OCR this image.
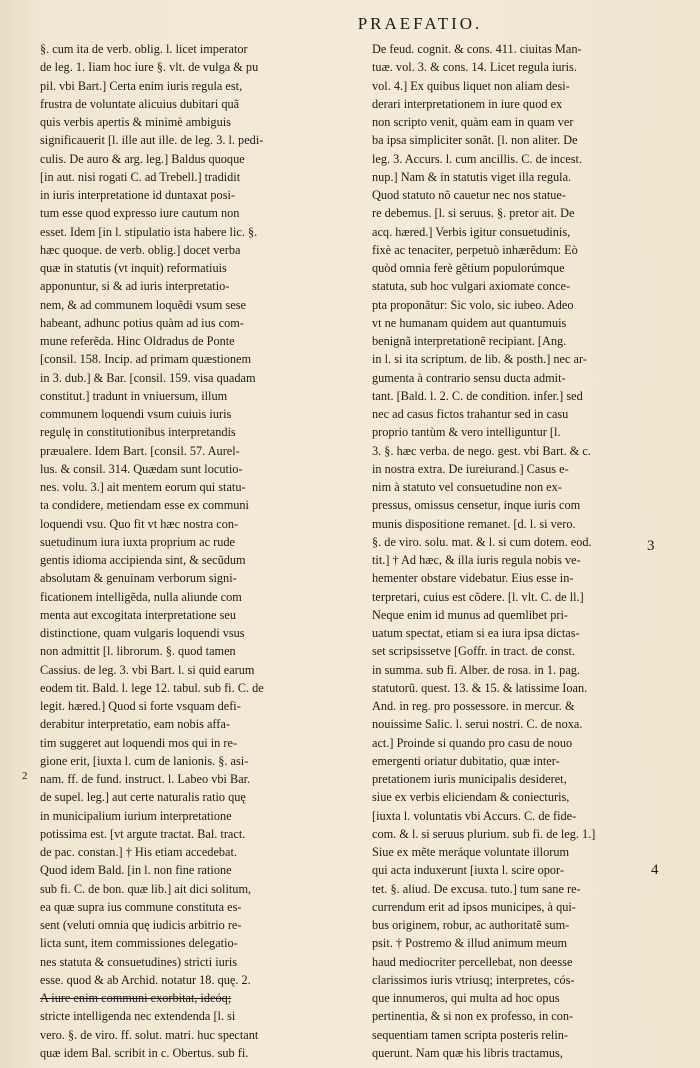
PRAEFATIO.
§. cum ita de verb. oblig. l. licet imperator
de leg. 1. Iiam hoc iure §. vlt. de vulga & pu
pil. vbi Bart.] Certa enim iuris regula est,
frustra de voluntate alicuius dubitari quã
quis verbis apertis & minimè ambiguis
significauerit [l. ille aut ille. de leg. 3. l. pedi-
culis. De auro & arg. leg.] Baldus quoque
[in aut. nisi rogati C. ad Trebell.] tradidit
in iuris interpretatione id duntaxat posi-
tum esse quod expresso iure cautum non
esset. Idem [in l. stipulatio ista habere lic. §.
hæc quoque. de verb. oblig.] docet verba
quæ in statutis (vt inquit) reformatiuis
apponuntur, si & ad iuris interpretatio-
nem, & ad communem loquẽdi vsum sese
habeant, adhunc potius quàm ad ius com-
mune referẽda. Hinc Oldradus de Ponte
[consil. 158. Incip. ad primam quæstionem
in 3. dub.] & Bar. [consil. 159. visa quadam
constitut.] tradunt in vniuersum, illum
communem loquendi vsum cuiuis iuris
regulę in constitutionibus interpretandis
præualere. Idem Bart. [consil. 57. Aurel-
lus. & consil. 314. Quædam sunt locutio-
nes. volu. 3.] ait mentem eorum qui statu-
ta condidere, metiendam esse ex communi
loquendi vsu. Quo fit vt hæc nostra con-
suetudinum iura iuxta proprium ac rude
gentis idioma accipienda sint, & secũdum
absolutam & genuinam verborum signi-
ficationem intelligẽda, nulla aliunde com
menta aut excogitata interpretatione seu
distinctione, quam vulgaris loquendi vsus
non admittit [l. librorum. §. quod tamen
Cassius. de leg. 3. vbi Bart. l. si quid earum
eodem tit. Bald. l. lege 12. tabul. sub fi. C. de
legit. hæred.] Quod si forte vsquam defi-
derabitur interpretatio, eam nobis affa-
tim suggeret aut loquendi mos qui in re-
gione erit, [iuxta l. cum de lanionis. §. asi-
nam. ff. de fund. instruct. l. Labeo vbi Bar.
de supel. leg.] aut certe naturalis ratio quę
in municipalium iurium interpretatione
potissima est. [vt argute tractat. Bal. tract.
de pac. constan.] † His etiam accedebat.
Quod idem Bald. [in l. non fine ratione
sub fi. C. de bon. quæ lib.] ait dici solitum,
ea quæ supra ius commune constituta es-
sent (veluti omnia quę iudicis arbitrio re-
licta sunt, item commissiones delegatio-
nes statuta & consuetudines) stricti iuris
esse. quod & ab Archid. notatur 18. quę. 2.
A iure enim communi exorbitat, ideóq;
stricte intelligenda nec extendenda [l. si
vero. §. de viro. ff. solut. matri. huc spectant
quæ idem Bal. scribit in c. Obertus. sub fi.
De feud. cognit. & cons. 411. ciuitas Man-
tuæ. vol. 3. & cons. 14. Licet regula iuris.
vol. 4.] Ex quibus liquet non aliam desi-
derari interpretationem in iure quod ex
non scripto venit, quàm eam in quam ver
ba ipsa simpliciter sonãt. [l. non aliter. De
leg. 3. Accurs. l. cum ancillis. C. de incest.
nup.] Nam & in statutis viget illa regula.
Quod statuto nõ cauetur nec nos statue-
re debemus. [l. si seruus. §. pretor ait. De
acq. hæred.] Verbis igitur consuetudinis,
fixè ac tenaciter, perpetuò inhærẽdum: Eò
quòd omnia ferè gẽtium populorúmque
statuta, sub hoc vulgari axiomate conce-
pta proponãtur: Sic volo, sic iubeo. Adeo
vt ne humanam quidem aut quantumuis
benignã interpretationẽ recipiant. [Ang.
in l. si ita scriptum. de lib. & posth.] nec ar-
gumenta à contrario sensu ducta admit-
tant. [Bald. l. 2. C. de condition. infer.] sed
nec ad casus fictos trahantur sed in casu
proprio tantùm & vero intelliguntur [l.
3. §. hæc verba. de nego. gest. vbi Bart. & c.
in nostra extra. De iureiurand.] Casus e-
nim à statuto vel consuetudine non ex-
pressus, omissus censetur, inque iuris com
munis dispositione remanet. [d. l. si vero.
§. de viro. solu. mat. & l. si cum dotem. eod.
tit.] † Ad hæc, & illa iuris regula nobis ve-
hementer obstare videbatur. Eius esse in-
terpretari, cuius est cõdere. [l. vlt. C. de ll.]
Neque enim id munus ad quemlibet pri-
uatum spectat, etiam si ea iura ipsa dictas-
set scripsissetve [Goffr. in tract. de const.
in summa. sub fi. Alber. de rosa. in 1. pag.
statutorũ. quest. 13. & 15. & latissime Ioan.
And. in reg. pro possessore. in mercur. &
nouissime Salic. l. serui nostri. C. de noxa.
act.] Proinde si quando pro casu de nouo
emergenti oriatur dubitatio, quæ inter-
pretationem iuris municipalis desideret,
siue ex verbis eliciendam & coniecturis,
[iuxta l. voluntatis vbi Accurs. C. de fide-
com. & l. si seruus plurium. sub fi. de leg. 1.]
Siue ex mẽte meráque voluntate illorum
qui acta induxerunt [iuxta l. scire opor-
tet. §. aliud. De excusa. tuto.] tum sane re-
currendum erit ad ipsos municipes, à qui-
bus originem, robur, ac authoritatẽ sum-
psit. † Postremo & illud animum meum
haud mediocriter percellebat, non deesse
clarissimos iuris vtriusq; interpretes, cós-
que innumeros, qui multa ad hoc opus
pertinentia, & si non ex professo, in con-
sequentiam tamen scripta posteris relin-
querunt. Nam quæ his libris tractamus,
2
3
4
